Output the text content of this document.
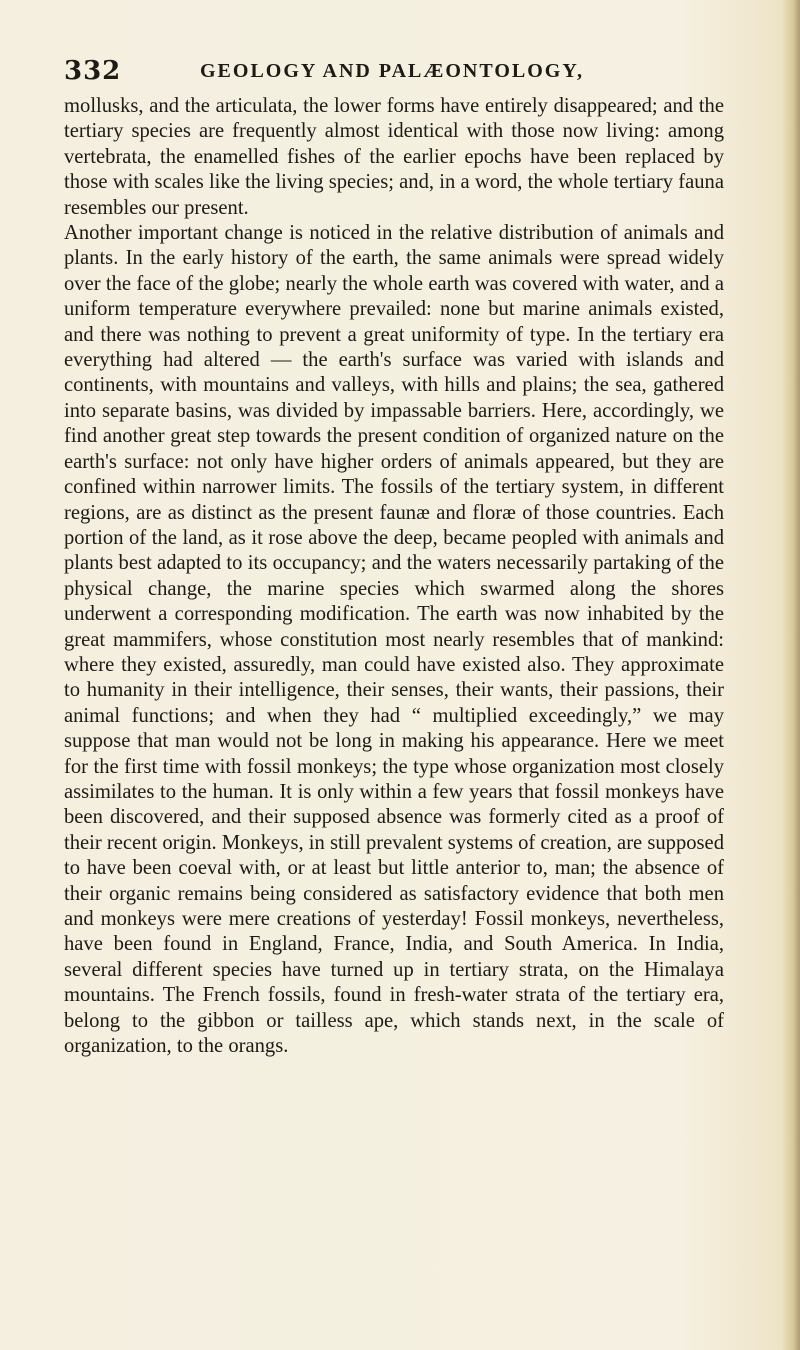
332	GEOLOGY AND PALÆONTOLOGY,

mollusks, and the articulata, the lower forms have entirely disappeared; and the tertiary species are frequently almost identical with those now living: among vertebrata, the enamelled fishes of the earlier epochs have been replaced by those with scales like the living species; and, in a word, the whole tertiary fauna resembles our present.

Another important change is noticed in the relative distribution of animals and plants. In the early history of the earth, the same animals were spread widely over the face of the globe; nearly the whole earth was covered with water, and a uniform temperature everywhere prevailed: none but marine animals existed, and there was nothing to prevent a great uniformity of type. In the tertiary era everything had altered — the earth's surface was varied with islands and continents, with mountains and valleys, with hills and plains; the sea, gathered into separate basins, was divided by impassable barriers. Here, accordingly, we find another great step towards the present condition of organized nature on the earth's surface: not only have higher orders of animals appeared, but they are confined within narrower limits. The fossils of the tertiary system, in different regions, are as distinct as the present faunæ and floræ of those countries. Each portion of the land, as it rose above the deep, became peopled with animals and plants best adapted to its occupancy; and the waters necessarily partaking of the physical change, the marine species which swarmed along the shores underwent a corresponding modification. The earth was now inhabited by the great mammifers, whose constitution most nearly resembles that of mankind: where they existed, assuredly, man could have existed also. They approximate to humanity in their intelligence, their senses, their wants, their passions, their animal functions; and when they had “ multiplied exceedingly,” we may suppose that man would not be long in making his appearance. Here we meet for the first time with fossil monkeys; the type whose organization most closely assimilates to the human. It is only within a few years that fossil monkeys have been discovered, and their supposed absence was formerly cited as a proof of their recent origin. Monkeys, in still prevalent systems of creation, are supposed to have been coeval with, or at least but little anterior to, man; the absence of their organic remains being considered as satisfactory evidence that both men and monkeys were mere creations of yesterday! Fossil monkeys, nevertheless, have been found in England, France, India, and South America. In India, several different species have turned up in tertiary strata, on the Himalaya mountains. The French fossils, found in fresh-water strata of the tertiary era, belong to the gibbon or tailless ape, which stands next, in the scale of organization, to the orangs.
